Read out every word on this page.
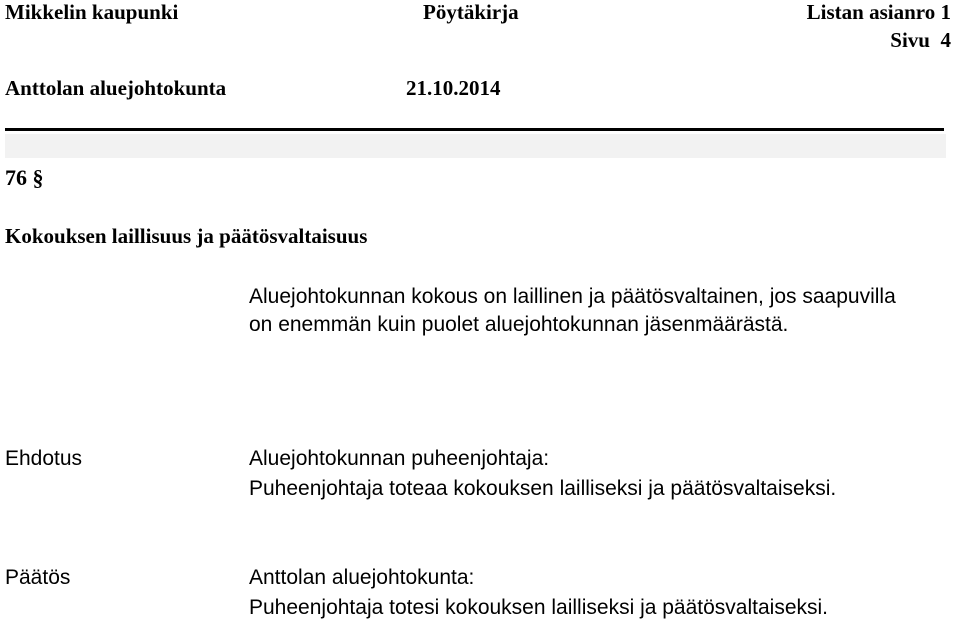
Mikkelin kaupunki	Pöytäkirja	Listan asianro 1
Sivu  4
Anttolan aluejohtokunta	21.10.2014
76 §
Kokouksen laillisuus ja päätösvaltaisuus
Aluejohtokunnan kokous on laillinen ja päätösvaltainen, jos saapuvilla
on enemmän kuin puolet aluejohtokunnan jäsenmäärästä.
Ehdotus	Aluejohtokunnan puheenjohtaja:
Puheenjohtaja toteaa kokouksen lailliseksi ja päätösvaltaiseksi.
Päätös	Anttolan aluejohtokunta:
Puheenjohtaja totesi kokouksen lailliseksi ja päätösvaltaiseksi.
